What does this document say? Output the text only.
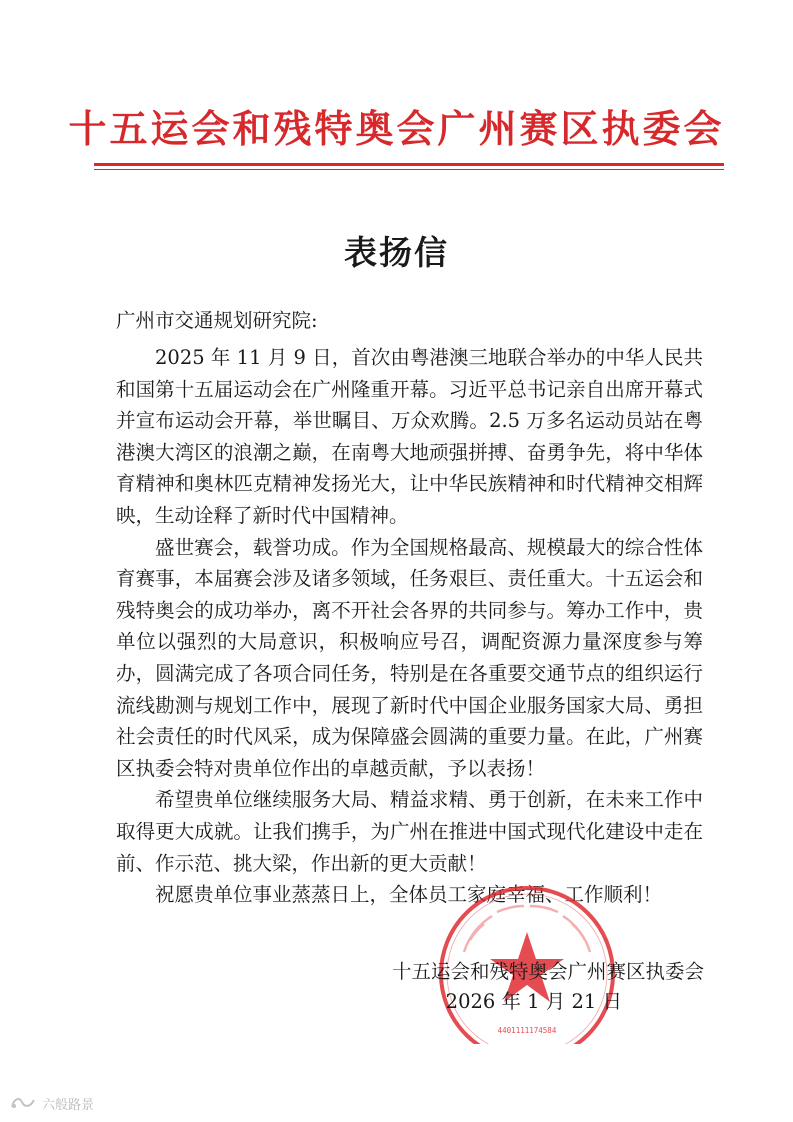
十五运会和残特奥会广州赛区执委会
表扬信
广州市交通规划研究院:

2025 年 11 月 9 日，首次由粤港澳三地联合举办的中华人民共和国第十五届运动会在广州隆重开幕。习近平总书记亲自出席开幕式并宣布运动会开幕，举世瞩目、万众欢腾。2.5 万多名运动员站在粤港澳大湾区的浪潮之巅，在南粤大地顽强拼搏、奋勇争先，将中华体育精神和奥林匹克精神发扬光大，让中华民族精神和时代精神交相辉映，生动诠释了新时代中国精神。

盛世赛会，载誉功成。作为全国规格最高、规模最大的综合性体育赛事，本届赛会涉及诸多领域，任务艰巨、责任重大。十五运会和残特奥会的成功举办，离不开社会各界的共同参与。筹办工作中，贵单位以强烈的大局意识，积极响应号召，调配资源力量深度参与筹办，圆满完成了各项合同任务，特别是在各重要交通节点的组织运行流线勘测与规划工作中，展现了新时代中国企业服务国家大局、勇担社会责任的时代风采，成为保障盛会圆满的重要力量。在此，广州赛区执委会特对贵单位作出的卓越贡献，予以表扬！

希望贵单位继续服务大局、精益求精、勇于创新，在未来工作中取得更大成就。让我们携手，为广州在推进中国式现代化建设中走在前、作示范、挑大梁，作出新的更大贡献！

祝愿贵单位事业蒸蒸日上，全体员工家庭幸福、工作顺利！

4401111174584
十五运会和残特奥会广州赛区执委会
2026 年 1 月 21 日
六般路景
